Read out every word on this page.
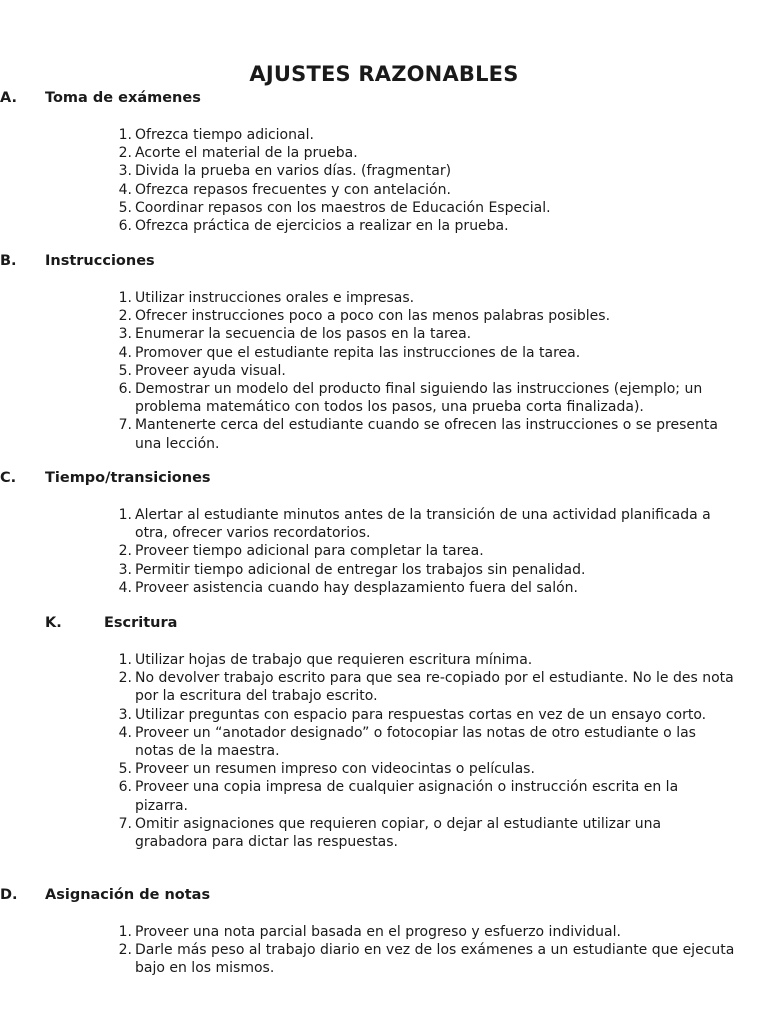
AJUSTES RAZONABLES
A. Toma de exámenes
1. Ofrezca tiempo adicional.
2. Acorte el material de la prueba.
3. Divida la prueba en varios días. (fragmentar)
4. Ofrezca repasos frecuentes y con antelación.
5. Coordinar repasos con los maestros de Educación Especial.
6. Ofrezca práctica de ejercicios a realizar en la prueba.
B. Instrucciones
1. Utilizar instrucciones orales e impresas.
2. Ofrecer instrucciones poco a poco con las menos palabras posibles.
3. Enumerar la secuencia de los pasos en la tarea.
4. Promover que el estudiante repita las instrucciones de la tarea.
5. Proveer ayuda visual.
6. Demostrar un modelo del producto final siguiendo las instrucciones (ejemplo; un problema matemático con todos los pasos, una prueba corta finalizada).
7. Mantenerte cerca del estudiante cuando se ofrecen las instrucciones o se presenta una lección.
C. Tiempo/transiciones
1. Alertar al estudiante minutos antes de la transición de una actividad planificada a otra, ofrecer varios recordatorios.
2. Proveer tiempo adicional para completar la tarea.
3. Permitir tiempo adicional de entregar los trabajos sin penalidad.
4. Proveer asistencia cuando hay desplazamiento fuera del salón.
K.	Escritura
1. Utilizar hojas de trabajo que requieren escritura mínima.
2. No devolver trabajo escrito para que sea re-copiado por el estudiante. No le des nota por la escritura del trabajo escrito.
3. Utilizar preguntas con espacio para respuestas cortas en vez de un ensayo corto.
4. Proveer un “anotador designado” o fotocopiar las notas de otro estudiante o las notas de la maestra.
5. Proveer un resumen impreso con videocintas o películas.
6. Proveer una copia impresa de cualquier asignación o instrucción escrita en la pizarra.
7. Omitir asignaciones que requieren copiar, o dejar al estudiante utilizar una grabadora para dictar las respuestas.
D. Asignación de notas
1. Proveer una nota parcial basada en el progreso y esfuerzo individual.
2. Darle más peso al trabajo diario en vez de los exámenes a un estudiante que ejecuta bajo en los mismos.
